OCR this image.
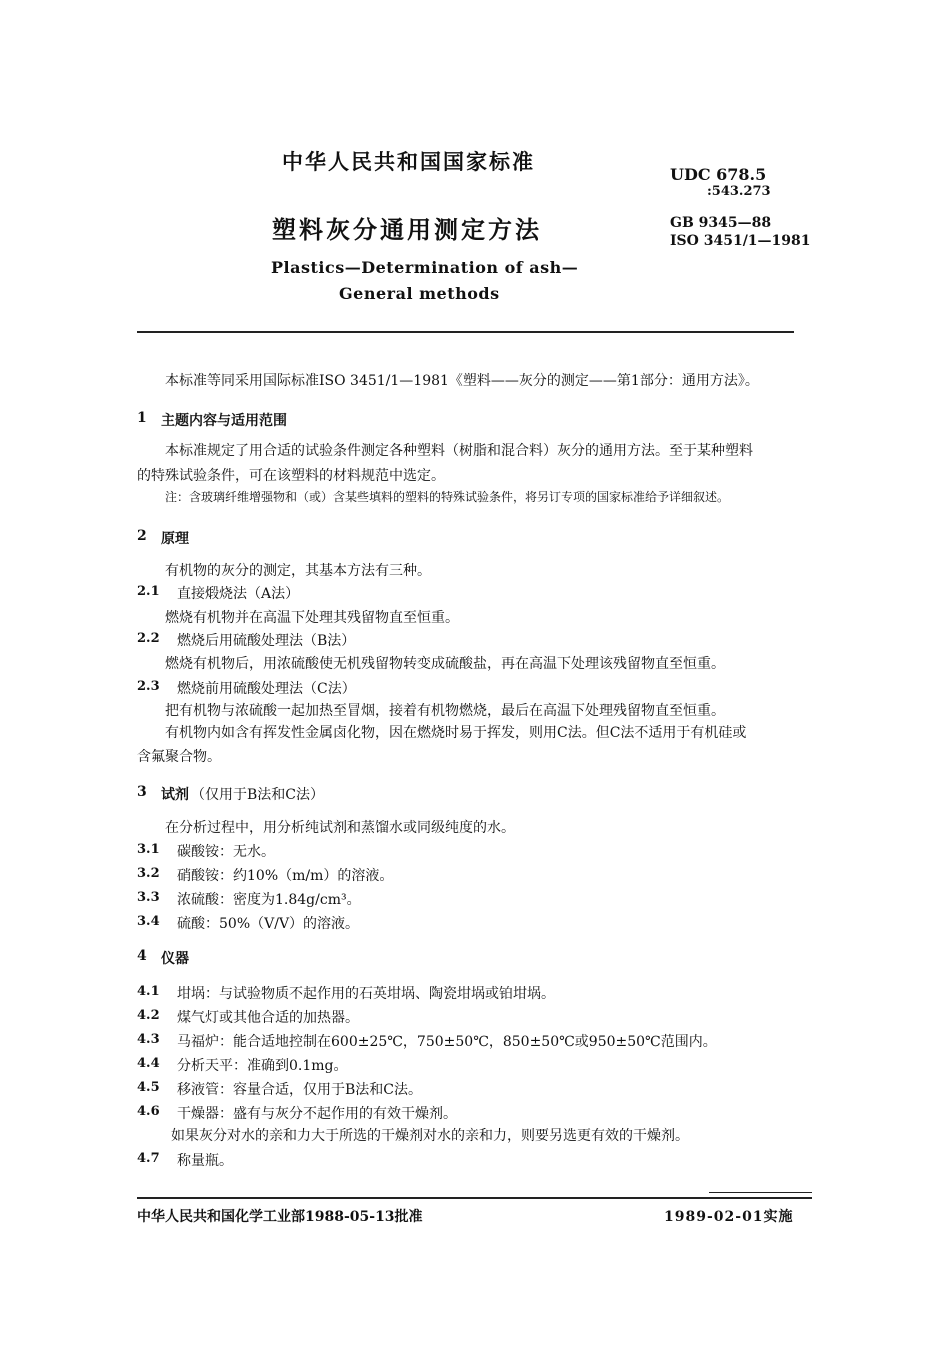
中华人民共和国国家标准
塑料灰分通用测定方法
Plastics—Determination of ash—
General methods
UDC 678.5
:543.273
GB 9345—88
ISO 3451/1—1981
本标准等同采用国际标准ISO 3451/1—1981《塑料——灰分的测定——第1部分：通用方法》。
1 主题内容与适用范围
本标准规定了用合适的试验条件测定各种塑料（树脂和混合料）灰分的通用方法。至于某种塑料
的特殊试验条件，可在该塑料的材料规范中选定。
注：含玻璃纤维增强物和（或）含某些填料的塑料的特殊试验条件，将另订专项的国家标准给予详细叙述。
2 原理
有机物的灰分的测定，其基本方法有三种。
2.1 直接煅烧法（A法）
燃烧有机物并在高温下处理其残留物直至恒重。
2.2 燃烧后用硫酸处理法（B法）
燃烧有机物后，用浓硫酸使无机残留物转变成硫酸盐，再在高温下处理该残留物直至恒重。
2.3 燃烧前用硫酸处理法（C法）
把有机物与浓硫酸一起加热至冒烟，接着有机物燃烧，最后在高温下处理残留物直至恒重。
有机物内如含有挥发性金属卤化物，因在燃烧时易于挥发，则用C法。但C法不适用于有机硅或
含氟聚合物。
3 试剂 （仅用于B法和C法）
在分析过程中，用分析纯试剂和蒸馏水或同级纯度的水。
3.1 碳酸铵：无水。
3.2 硝酸铵：约10%（m/m）的溶液。
3.3 浓硫酸：密度为1.84g/cm³。
3.4 硫酸：50%（V/V）的溶液。
4 仪器
4.1 坩埚：与试验物质不起作用的石英坩埚、陶瓷坩埚或铂坩埚。
4.2 煤气灯或其他合适的加热器。
4.3 马福炉：能合适地控制在600±25℃，750±50℃，850±50℃或950±50℃范围内。
4.4 分析天平：准确到0.1mg。
4.5 移液管：容量合适，仅用于B法和C法。
4.6 干燥器：盛有与灰分不起作用的有效干燥剂。
如果灰分对水的亲和力大于所选的干燥剂对水的亲和力，则要另选更有效的干燥剂。
4.7 称量瓶。
中华人民共和国化学工业部1988-05-13批准	1989-02-01实施
